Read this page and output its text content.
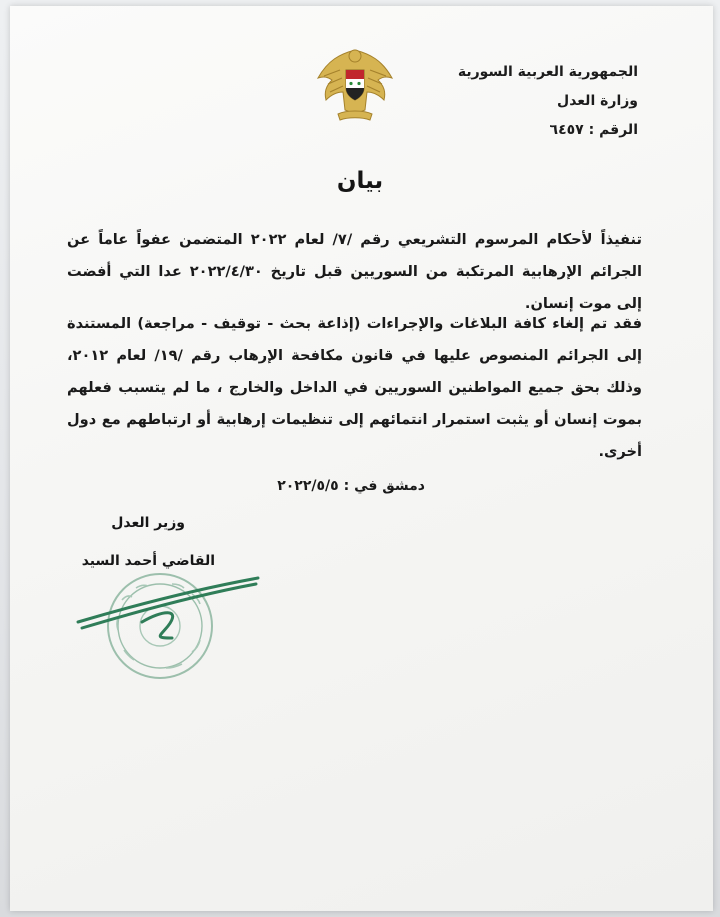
الجمهورية العربية السورية
وزارة العدل
الرقم : ٦٤٥٧
بيان
تنفيذاً لأحكام المرسوم التشريعي رقم /٧/ لعام ٢٠٢٢ المتضمن عفواً عاماً عن الجرائم الإرهابية المرتكبة من السوريين قبل تاريخ ٢٠٢٢/٤/٣٠ عدا التي أفضت إلى موت إنسان.
فقد تم إلغاء كافة البلاغات والإجراءات (إذاعة بحث - توقيف - مراجعة) المستندة إلى الجرائم المنصوص عليها في قانون مكافحة الإرهاب رقم /١٩/ لعام ٢٠١٢، وذلك بحق جميع المواطنين السوريين في الداخل والخارج ، ما لم يتسبب فعلهم بموت إنسان أو يثبت استمرار انتمائهم إلى تنظيمات إرهابية أو ارتباطهم مع دول أخرى.
دمشق في : ٢٠٢٢/٥/٥
وزير العدل
القاضي أحمد السيد
